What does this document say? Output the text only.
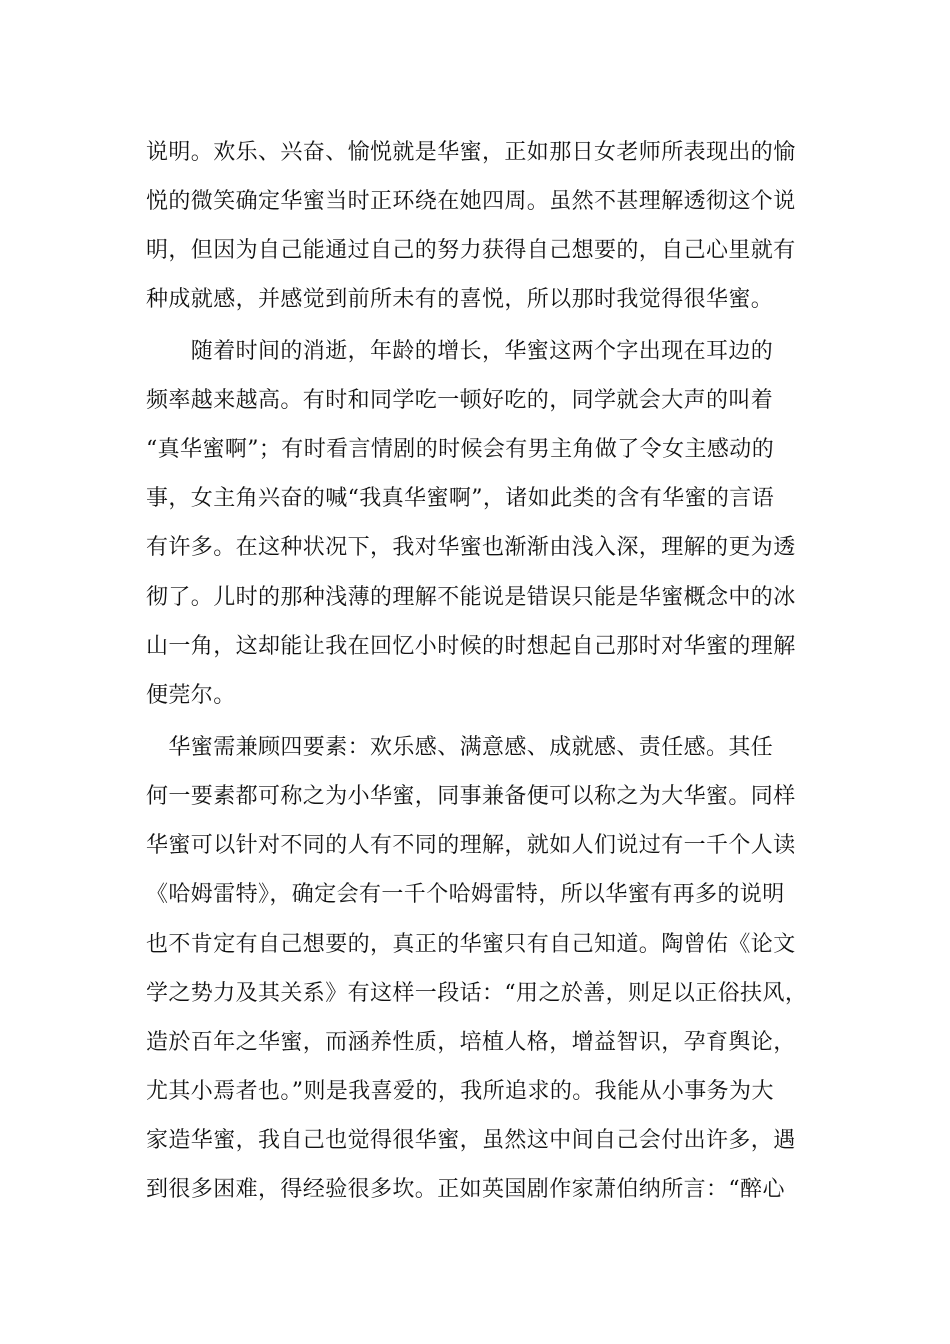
说明。欢乐、兴奋、愉悦就是华蜜，正如那日女老师所表现出的愉
悦的微笑确定华蜜当时正环绕在她四周。虽然不甚理解透彻这个说
明，但因为自己能通过自己的努力获得自己想要的，自己心里就有
种成就感，并感觉到前所未有的喜悦，所以那时我觉得很华蜜。
　　随着时间的消逝，年龄的增长，华蜜这两个字出现在耳边的
频率越来越高。有时和同学吃一顿好吃的，同学就会大声的叫着
“真华蜜啊”；有时看言情剧的时候会有男主角做了令女主感动的
事，女主角兴奋的喊“我真华蜜啊”，诸如此类的含有华蜜的言语
有许多。在这种状况下，我对华蜜也渐渐由浅入深，理解的更为透
彻了。儿时的那种浅薄的理解不能说是错误只能是华蜜概念中的冰
山一角，这却能让我在回忆小时候的时想起自己那时对华蜜的理解
便莞尔。
　华蜜需兼顾四要素：欢乐感、满意感、成就感、责任感。其任
何一要素都可称之为小华蜜，同事兼备便可以称之为大华蜜。同样
华蜜可以针对不同的人有不同的理解，就如人们说过有一千个人读
《哈姆雷特》，确定会有一千个哈姆雷特，所以华蜜有再多的说明
也不肯定有自己想要的，真正的华蜜只有自己知道。陶曾佑《论文
学之势力及其关系》有这样一段话：“用之於善，则足以正俗扶风，
造於百年之华蜜，而涵养性质，培植人格，增益智识，孕育舆论，
尤其小焉者也。”则是我喜爱的，我所追求的。我能从小事务为大
家造华蜜，我自己也觉得很华蜜，虽然这中间自己会付出许多，遇
到很多困难，得经验很多坎。正如英国剧作家萧伯纳所言：“醉心
